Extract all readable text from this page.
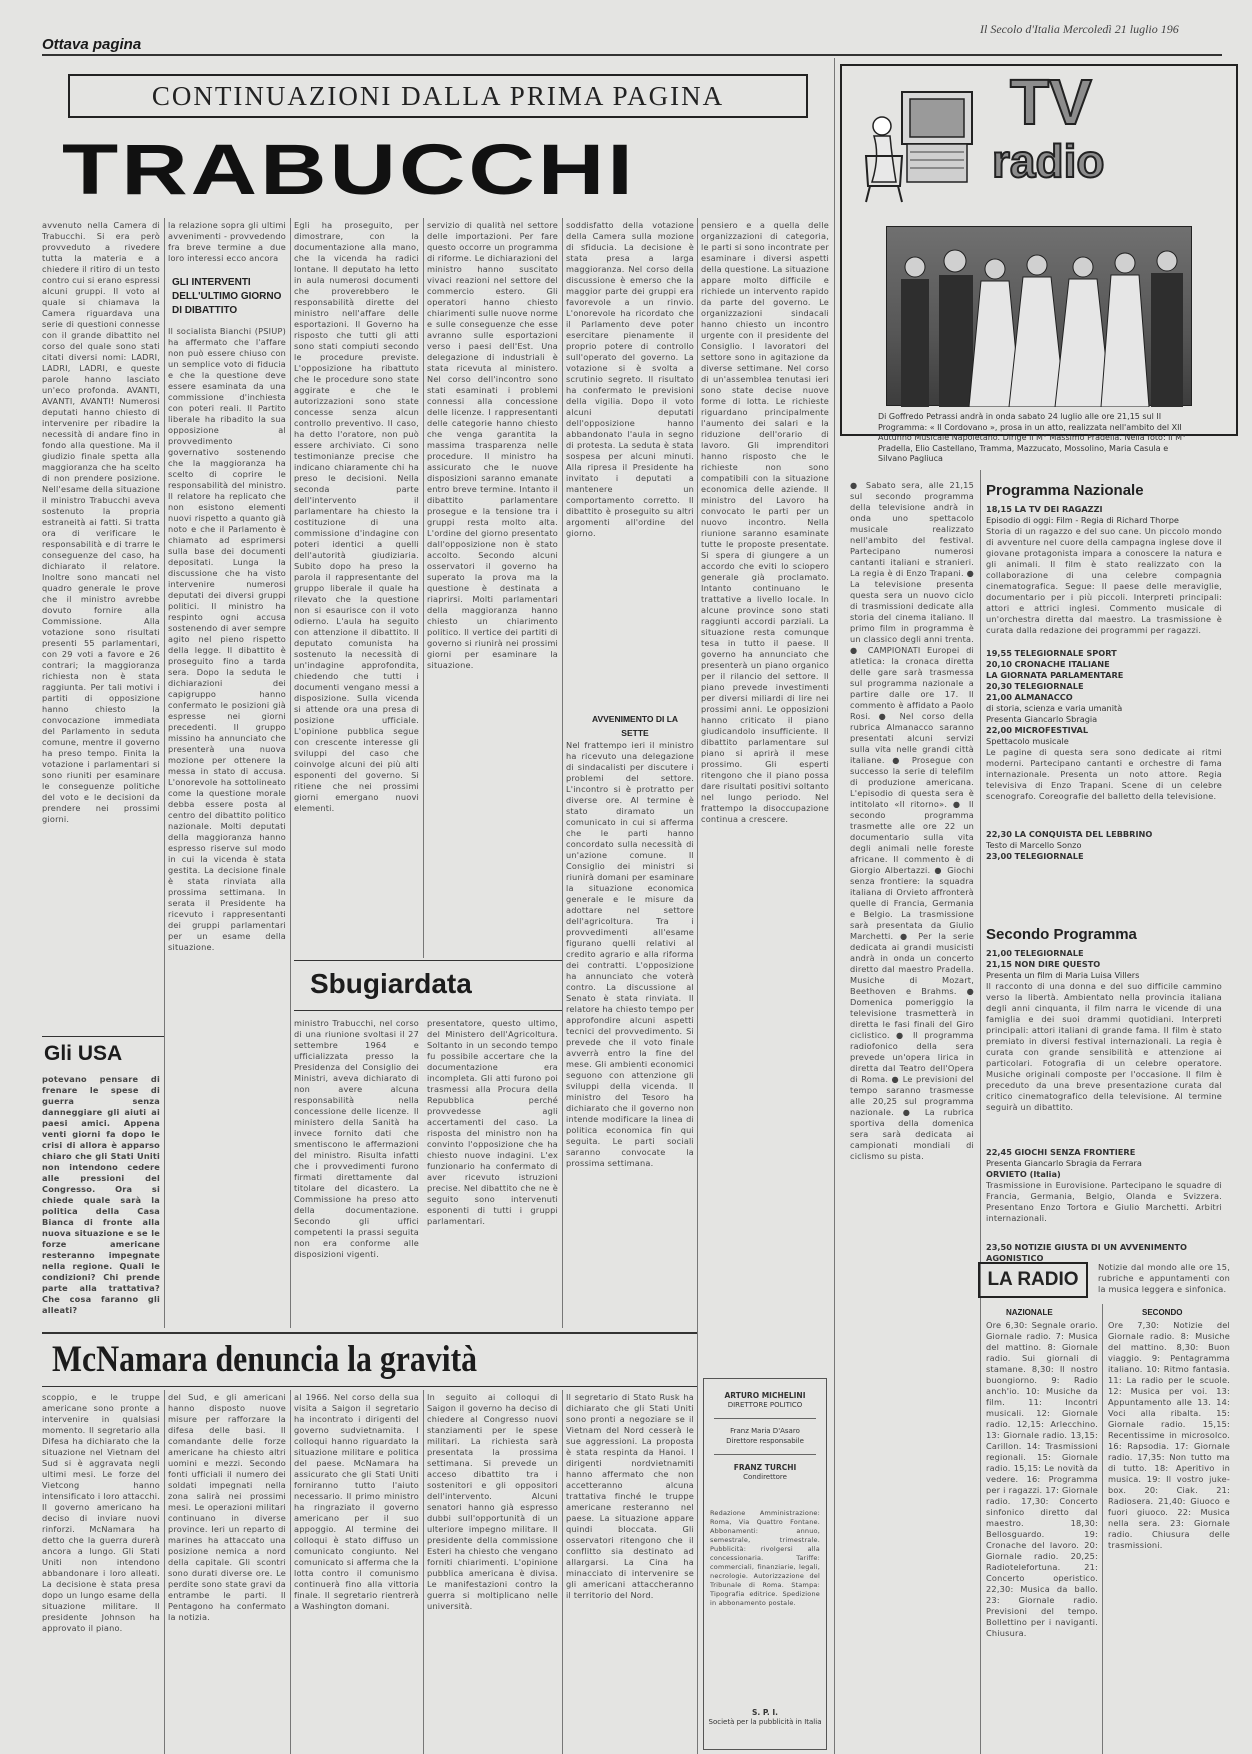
Ottava pagina
Il Secolo d'Italia Mercoledì 21 luglio 196
CONTINUAZIONI DALLA PRIMA PAGINA
TRABUCCHI
avvenuto nella Camera di Trabucchi. Si era però provveduto a rivedere tutta la materia e a chiedere il ritiro di un testo contro cui si erano espressi alcuni gruppi. Il voto al quale si chiamava la Camera riguardava una serie di questioni connesse con il grande dibattito nel corso del quale sono stati citati diversi nomi: LADRI, LADRI, LADRI, e queste parole hanno lasciato un'eco profonda. AVANTI, AVANTI, AVANTI! Numerosi deputati hanno chiesto di intervenire per ribadire la necessità di andare fino in fondo alla questione. Ma il giudizio finale spetta alla maggioranza che ha scelto di non prendere posizione. Nell'esame della situazione il ministro Trabucchi aveva sostenuto la propria estraneità ai fatti. Si tratta ora di verificare le responsabilità e di trarre le conseguenze del caso, ha dichiarato il relatore. Inoltre sono mancati nel quadro generale le prove che il ministro avrebbe dovuto fornire alla Commissione. Alla votazione sono risultati presenti 55 parlamentari, con 29 voti a favore e 26 contrari; la maggioranza richiesta non è stata raggiunta. Per tali motivi i partiti di opposizione hanno chiesto la convocazione immediata del Parlamento in seduta comune, mentre il governo ha preso tempo. Finita la votazione i parlamentari si sono riuniti per esaminare le conseguenze politiche del voto e le decisioni da prendere nei prossimi giorni.
Gli USA
potevano pensare di frenare le spese di guerra senza danneggiare gli aiuti ai paesi amici. Appena venti giorni fa dopo le crisi di allora è apparso chiaro che gli Stati Uniti non intendono cedere alle pressioni del Congresso. Ora si chiede quale sarà la politica della Casa Bianca di fronte alla nuova situazione e se le forze americane resteranno impegnate nella regione. Quali le condizioni? Chi prende parte alla trattativa? Che cosa faranno gli alleati?
la relazione sopra gli ultimi avvenimenti - provvedendo fra breve termine a due loro interessi ecco ancora
GLI INTERVENTI
DELL'ULTIMO GIORNO
DI DIBATTITO
Il socialista Bianchi (PSIUP) ha affermato che l'affare non può essere chiuso con un semplice voto di fiducia e che la questione deve essere esaminata da una commissione d'inchiesta con poteri reali. Il Partito liberale ha ribadito la sua opposizione al provvedimento governativo sostenendo che la maggioranza ha scelto di coprire le responsabilità del ministro. Il relatore ha replicato che non esistono elementi nuovi rispetto a quanto già noto e che il Parlamento è chiamato ad esprimersi sulla base dei documenti depositati. Lunga la discussione che ha visto intervenire numerosi deputati dei diversi gruppi politici. Il ministro ha respinto ogni accusa sostenendo di aver sempre agito nel pieno rispetto della legge. Il dibattito è proseguito fino a tarda sera. Dopo la seduta le dichiarazioni dei capigruppo hanno confermato le posizioni già espresse nei giorni precedenti. Il gruppo missino ha annunciato che presenterà una nuova mozione per ottenere la messa in stato di accusa. L'onorevole ha sottolineato come la questione morale debba essere posta al centro del dibattito politico nazionale. Molti deputati della maggioranza hanno espresso riserve sul modo in cui la vicenda è stata gestita. La decisione finale è stata rinviata alla prossima settimana. In serata il Presidente ha ricevuto i rappresentanti dei gruppi parlamentari per un esame della situazione.
Egli ha proseguito, per dimostrare, con la documentazione alla mano, che la vicenda ha radici lontane. Il deputato ha letto in aula numerosi documenti che proverebbero le responsabilità dirette del ministro nell'affare delle esportazioni. Il Governo ha risposto che tutti gli atti sono stati compiuti secondo le procedure previste. L'opposizione ha ribattuto che le procedure sono state aggirate e che le autorizzazioni sono state concesse senza alcun controllo preventivo. Il caso, ha detto l'oratore, non può essere archiviato. Ci sono testimonianze precise che indicano chiaramente chi ha preso le decisioni. Nella seconda parte dell'intervento il parlamentare ha chiesto la costituzione di una commissione d'indagine con poteri identici a quelli dell'autorità giudiziaria. Subito dopo ha preso la parola il rappresentante del gruppo liberale il quale ha rilevato che la questione non si esaurisce con il voto odierno. L'aula ha seguito con attenzione il dibattito. Il deputato comunista ha sostenuto la necessità di un'indagine approfondita, chiedendo che tutti i documenti vengano messi a disposizione. Sulla vicenda si attende ora una presa di posizione ufficiale. L'opinione pubblica segue con crescente interesse gli sviluppi del caso che coinvolge alcuni dei più alti esponenti del governo. Si ritiene che nei prossimi giorni emergano nuovi elementi.
servizio di qualità nel settore delle importazioni. Per fare questo occorre un programma di riforme. Le dichiarazioni del ministro hanno suscitato vivaci reazioni nel settore del commercio estero. Gli operatori hanno chiesto chiarimenti sulle nuove norme e sulle conseguenze che esse avranno sulle esportazioni verso i paesi dell'Est. Una delegazione di industriali è stata ricevuta al ministero. Nel corso dell'incontro sono stati esaminati i problemi connessi alla concessione delle licenze. I rappresentanti delle categorie hanno chiesto che venga garantita la massima trasparenza nelle procedure. Il ministro ha assicurato che le nuove disposizioni saranno emanate entro breve termine. Intanto il dibattito parlamentare prosegue e la tensione tra i gruppi resta molto alta. L'ordine del giorno presentato dall'opposizione non è stato accolto. Secondo alcuni osservatori il governo ha superato la prova ma la questione è destinata a riaprirsi. Molti parlamentari della maggioranza hanno chiesto un chiarimento politico. Il vertice dei partiti di governo si riunirà nei prossimi giorni per esaminare la situazione.
Sbugiardata
ministro Trabucchi, nel corso di una riunione svoltasi il 27 settembre 1964 e ufficializzata presso la Presidenza del Consiglio dei Ministri, aveva dichiarato di non avere alcuna responsabilità nella concessione delle licenze. Il ministero della Sanità ha invece fornito dati che smentiscono le affermazioni del ministro. Risulta infatti che i provvedimenti furono firmati direttamente dal titolare del dicastero. La Commissione ha preso atto della documentazione. Secondo gli uffici competenti la prassi seguita non era conforme alle disposizioni vigenti.
presentatore, questo ultimo, del Ministero dell'Agricoltura. Soltanto in un secondo tempo fu possibile accertare che la documentazione era incompleta. Gli atti furono poi trasmessi alla Procura della Repubblica perché provvedesse agli accertamenti del caso. La risposta del ministro non ha convinto l'opposizione che ha chiesto nuove indagini. L'ex funzionario ha confermato di aver ricevuto istruzioni precise. Nel dibattito che ne è seguito sono intervenuti esponenti di tutti i gruppi parlamentari.
soddisfatto della votazione della Camera sulla mozione di sfiducia. La decisione è stata presa a larga maggioranza. Nel corso della discussione è emerso che la maggior parte dei gruppi era favorevole a un rinvio. L'onorevole ha ricordato che il Parlamento deve poter esercitare pienamente il proprio potere di controllo sull'operato del governo. La votazione si è svolta a scrutinio segreto. Il risultato ha confermato le previsioni della vigilia. Dopo il voto alcuni deputati dell'opposizione hanno abbandonato l'aula in segno di protesta. La seduta è stata sospesa per alcuni minuti. Alla ripresa il Presidente ha invitato i deputati a mantenere un comportamento corretto. Il dibattito è proseguito su altri argomenti all'ordine del giorno.
AVVENIMENTO DI LA SETTE
Nel frattempo ieri il ministro ha ricevuto una delegazione di sindacalisti per discutere i problemi del settore. L'incontro si è protratto per diverse ore. Al termine è stato diramato un comunicato in cui si afferma che le parti hanno concordato sulla necessità di un'azione comune. Il Consiglio dei ministri si riunirà domani per esaminare la situazione economica generale e le misure da adottare nel settore dell'agricoltura. Tra i provvedimenti all'esame figurano quelli relativi al credito agrario e alla riforma dei contratti. L'opposizione ha annunciato che voterà contro. La discussione al Senato è stata rinviata. Il relatore ha chiesto tempo per approfondire alcuni aspetti tecnici del provvedimento. Si prevede che il voto finale avverrà entro la fine del mese. Gli ambienti economici seguono con attenzione gli sviluppi della vicenda. Il ministro del Tesoro ha dichiarato che il governo non intende modificare la linea di politica economica fin qui seguita. Le parti sociali saranno convocate la prossima settimana.
pensiero e a quella delle organizzazioni di categoria, le parti si sono incontrate per esaminare i diversi aspetti della questione. La situazione appare molto difficile e richiede un intervento rapido da parte del governo. Le organizzazioni sindacali hanno chiesto un incontro urgente con il presidente del Consiglio. I lavoratori del settore sono in agitazione da diverse settimane. Nel corso di un'assemblea tenutasi ieri sono state decise nuove forme di lotta. Le richieste riguardano principalmente l'aumento dei salari e la riduzione dell'orario di lavoro. Gli imprenditori hanno risposto che le richieste non sono compatibili con la situazione economica delle aziende. Il ministro del Lavoro ha convocato le parti per un nuovo incontro. Nella riunione saranno esaminate tutte le proposte presentate. Si spera di giungere a un accordo che eviti lo sciopero generale già proclamato. Intanto continuano le trattative a livello locale. In alcune province sono stati raggiunti accordi parziali. La situazione resta comunque tesa in tutto il paese. Il governo ha annunciato che presenterà un piano organico per il rilancio del settore. Il piano prevede investimenti per diversi miliardi di lire nei prossimi anni. Le opposizioni hanno criticato il piano giudicandolo insufficiente. Il dibattito parlamentare sul piano si aprirà il mese prossimo. Gli esperti ritengono che il piano possa dare risultati positivi soltanto nel lungo periodo. Nel frattempo la disoccupazione continua a crescere.
McNamara denuncia la gravità
scoppio, e le truppe americane sono pronte a intervenire in qualsiasi momento. Il segretario alla Difesa ha dichiarato che la situazione nel Vietnam del Sud si è aggravata negli ultimi mesi. Le forze del Vietcong hanno intensificato i loro attacchi. Il governo americano ha deciso di inviare nuovi rinforzi. McNamara ha detto che la guerra durerà ancora a lungo. Gli Stati Uniti non intendono abbandonare i loro alleati. La decisione è stata presa dopo un lungo esame della situazione militare. Il presidente Johnson ha approvato il piano.
del Sud, e gli americani hanno disposto nuove misure per rafforzare la difesa delle basi. Il comandante delle forze americane ha chiesto altri uomini e mezzi. Secondo fonti ufficiali il numero dei soldati impegnati nella zona salirà nei prossimi mesi. Le operazioni militari continuano in diverse province. Ieri un reparto di marines ha attaccato una posizione nemica a nord della capitale. Gli scontri sono durati diverse ore. Le perdite sono state gravi da entrambe le parti. Il Pentagono ha confermato la notizia.
al 1966. Nel corso della sua visita a Saigon il segretario ha incontrato i dirigenti del governo sudvietnamita. I colloqui hanno riguardato la situazione militare e politica del paese. McNamara ha assicurato che gli Stati Uniti forniranno tutto l'aiuto necessario. Il primo ministro ha ringraziato il governo americano per il suo appoggio. Al termine dei colloqui è stato diffuso un comunicato congiunto. Nel comunicato si afferma che la lotta contro il comunismo continuerà fino alla vittoria finale. Il segretario rientrerà a Washington domani.
In seguito ai colloqui di Saigon il governo ha deciso di chiedere al Congresso nuovi stanziamenti per le spese militari. La richiesta sarà presentata la prossima settimana. Si prevede un acceso dibattito tra i sostenitori e gli oppositori dell'intervento. Alcuni senatori hanno già espresso dubbi sull'opportunità di un ulteriore impegno militare. Il presidente della commissione Esteri ha chiesto che vengano forniti chiarimenti. L'opinione pubblica americana è divisa. Le manifestazioni contro la guerra si moltiplicano nelle università.
Il segretario di Stato Rusk ha dichiarato che gli Stati Uniti sono pronti a negoziare se il Vietnam del Nord cesserà le sue aggressioni. La proposta è stata respinta da Hanoi. I dirigenti nordvietnamiti hanno affermato che non accetteranno alcuna trattativa finché le truppe americane resteranno nel paese. La situazione appare quindi bloccata. Gli osservatori ritengono che il conflitto sia destinato ad allargarsi. La Cina ha minacciato di intervenire se gli americani attaccheranno il territorio del Nord.
ARTURO MICHELINI
DIRETTORE POLITICO
Franz Maria D'Asaro
Direttore responsabile
FRANZ TURCHI
Condirettore
Redazione Amministrazione: Roma, Via Quattro Fontane. Abbonamenti: annuo, semestrale, trimestrale. Pubblicità: rivolgersi alla concessionaria. Tariffe: commerciali, finanziarie, legali, necrologie. Autorizzazione del Tribunale di Roma. Stampa: Tipografia editrice. Spedizione in abbonamento postale.
S. P. I.
Società per la pubblicità in Italia
TV
radio
Di Goffredo Petrassi andrà in onda sabato 24 luglio alle ore 21,15 sul II Programma: « Il Cordovano », prosa in un atto, realizzata nell'ambito del XII Autunno Musicale Napoletano. Dirige il M° Massimo Pradella. Nella foto: il M° Pradella, Elio Castellano, Tramma, Mazzucato, Mossolino, Maria Casula e Silvano Pagliuca
● Sabato sera, alle 21,15 sul secondo programma della televisione andrà in onda uno spettacolo musicale realizzato nell'ambito del festival. Partecipano numerosi cantanti italiani e stranieri. La regia è di Enzo Trapani. ● La televisione presenta questa sera un nuovo ciclo di trasmissioni dedicate alla storia del cinema italiano. Il primo film in programma è un classico degli anni trenta. ● CAMPIONATI Europei di atletica: la cronaca diretta delle gare sarà trasmessa sul programma nazionale a partire dalle ore 17. Il commento è affidato a Paolo Rosi. ● Nel corso della rubrica Almanacco saranno presentati alcuni servizi sulla vita nelle grandi città italiane. ● Prosegue con successo la serie di telefilm di produzione americana. L'episodio di questa sera è intitolato «Il ritorno». ● Il secondo programma trasmette alle ore 22 un documentario sulla vita degli animali nelle foreste africane. Il commento è di Giorgio Albertazzi. ● Giochi senza frontiere: la squadra italiana di Orvieto affronterà quelle di Francia, Germania e Belgio. La trasmissione sarà presentata da Giulio Marchetti. ● Per la serie dedicata ai grandi musicisti andrà in onda un concerto diretto dal maestro Pradella. Musiche di Mozart, Beethoven e Brahms. ● Domenica pomeriggio la televisione trasmetterà in diretta le fasi finali del Giro ciclistico. ● Il programma radiofonico della sera prevede un'opera lirica in diretta dal Teatro dell'Opera di Roma. ● Le previsioni del tempo saranno trasmesse alle 20,25 sul programma nazionale. ● La rubrica sportiva della domenica sera sarà dedicata ai campionati mondiali di ciclismo su pista.
Programma Nazionale
18,15 LA TV DEI RAGAZZI
Episodio di oggi: Film - Regia di Richard Thorpe
Storia di un ragazzo e del suo cane. Un piccolo mondo di avventure nel cuore della campagna inglese dove il giovane protagonista impara a conoscere la natura e gli animali. Il film è stato realizzato con la collaborazione di una celebre compagnia cinematografica. Segue: Il paese delle meraviglie, documentario per i più piccoli. Interpreti principali: attori e attrici inglesi. Commento musicale di un'orchestra diretta dal maestro. La trasmissione è curata dalla redazione dei programmi per ragazzi.
19,55 TELEGIORNALE SPORT
20,10 CRONACHE ITALIANE
LA GIORNATA PARLAMENTARE
20,30 TELEGIORNALE
21,00 ALMANACCO
di storia, scienza e varia umanità
Presenta Giancarlo Sbragia
22,00 MICROFESTIVAL
Spettacolo musicale
Le pagine di questa sera sono dedicate ai ritmi moderni. Partecipano cantanti e orchestre di fama internazionale. Presenta un noto attore. Regia televisiva di Enzo Trapani. Scene di un celebre scenografo. Coreografie del balletto della televisione.
22,30 LA CONQUISTA DEL LEBBRINO
Testo di Marcello Sonzo
23,00 TELEGIORNALE
Secondo Programma
21,00 TELEGIORNALE
21,15 NON DIRE QUESTO
Presenta un film di Maria Luisa Villers
Il racconto di una donna e del suo difficile cammino verso la libertà. Ambientato nella provincia italiana degli anni cinquanta, il film narra le vicende di una famiglia e dei suoi drammi quotidiani. Interpreti principali: attori italiani di grande fama. Il film è stato premiato in diversi festival internazionali. La regia è curata con grande sensibilità e attenzione ai particolari. Fotografia di un celebre operatore. Musiche originali composte per l'occasione. Il film è preceduto da una breve presentazione curata dal critico cinematografico della televisione. Al termine seguirà un dibattito.
22,45 GIOCHI SENZA FRONTIERE
Presenta Giancarlo Sbragia da Ferrara
ORVIETO (Italia)
Trasmissione in Eurovisione. Partecipano le squadre di Francia, Germania, Belgio, Olanda e Svizzera. Presentano Enzo Tortora e Giulio Marchetti. Arbitri internazionali.
23,50 NOTIZIE GIUSTA DI UN AVVENIMENTO AGONISTICO
LA RADIO
Notizie dal mondo alle ore 15, rubriche e appuntamenti con la musica leggera e sinfonica.
NAZIONALE	SECONDO
Ore 6,30: Segnale orario. Giornale radio. 7: Musica del mattino. 8: Giornale radio. Sui giornali di stamane. 8,30: Il nostro buongiorno. 9: Radio anch'io. 10: Musiche da film. 11: Incontri musicali. 12: Giornale radio. 12,15: Arlecchino. 13: Giornale radio. 13,15: Carillon. 14: Trasmissioni regionali. 15: Giornale radio. 15,15: Le novità da vedere. 16: Programma per i ragazzi. 17: Giornale radio. 17,30: Concerto sinfonico diretto dal maestro. 18,30: Bellosguardo. 19: Cronache del lavoro. 20: Giornale radio. 20,25: Radiotelefortuna. 21: Concerto operistico. 22,30: Musica da ballo. 23: Giornale radio. Previsioni del tempo. Bollettino per i naviganti. Chiusura.
Ore 7,30: Notizie del Giornale radio. 8: Musiche del mattino. 8,30: Buon viaggio. 9: Pentagramma italiano. 10: Ritmo fantasia. 11: La radio per le scuole. 12: Musica per voi. 13: Appuntamento alle 13. 14: Voci alla ribalta. 15: Giornale radio. 15,15: Recentissime in microsolco. 16: Rapsodia. 17: Giornale radio. 17,35: Non tutto ma di tutto. 18: Aperitivo in musica. 19: Il vostro juke-box. 20: Ciak. 21: Radiosera. 21,40: Giuoco e fuori giuoco. 22: Musica nella sera. 23: Giornale radio. Chiusura delle trasmissioni.
